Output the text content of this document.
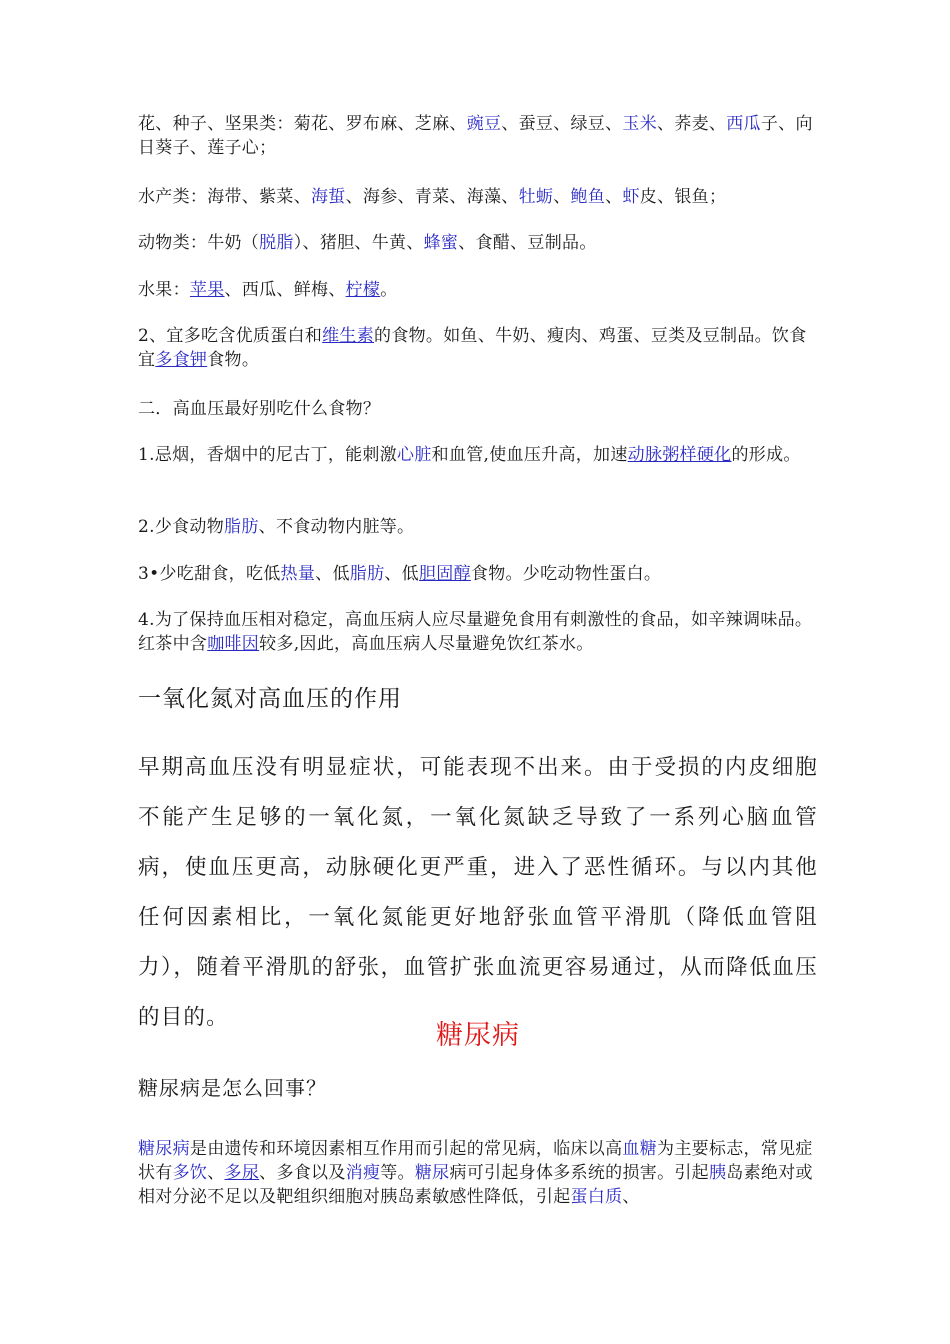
花、种子、坚果类：菊花、罗布麻、芝麻、豌豆、蚕豆、绿豆、玉米、荞麦、西瓜子、向日葵子、莲子心；
水产类：海带、紫菜、海蜇、海参、青菜、海藻、牡蛎、鲍鱼、虾皮、银鱼；
动物类：牛奶（脱脂）、猪胆、牛黄、蜂蜜、食醋、豆制品。
水果：苹果、西瓜、鲜梅、柠檬。
2、宜多吃含优质蛋白和维生素的食物。如鱼、牛奶、瘦肉、鸡蛋、豆类及豆制品。饮食宜多食钾食物。
二．高血压最好别吃什么食物？
1.忌烟，香烟中的尼古丁，能刺激心脏和血管,使血压升高，加速动脉粥样硬化的形成。
2.少食动物脂肪、不食动物内脏等。
3•少吃甜食，吃低热量、低脂肪、低胆固醇食物。少吃动物性蛋白。
4.为了保持血压相对稳定，高血压病人应尽量避免食用有刺激性的食品，如辛辣调味品。红茶中含咖啡因较多,因此，高血压病人尽量避免饮红茶水。
一氧化氮对高血压的作用
早期高血压没有明显症状，可能表现不出来。由于受损的内皮细胞不能产生足够的一氧化氮，一氧化氮缺乏导致了一系列心脑血管病，使血压更高，动脉硬化更严重，进入了恶性循环。与以内其他任何因素相比，一氧化氮能更好地舒张血管平滑肌（降低血管阻力），随着平滑肌的舒张，血管扩张血流更容易通过，从而降低血压的目的。
糖尿病
糖尿病是怎么回事？
糖尿病是由遗传和环境因素相互作用而引起的常见病，临床以高血糖为主要标志，常见症状有多饮、多尿、多食以及消瘦等。糖尿病可引起身体多系统的损害。引起胰岛素绝对或相对分泌不足以及靶组织细胞对胰岛素敏感性降低，引起蛋白质、
